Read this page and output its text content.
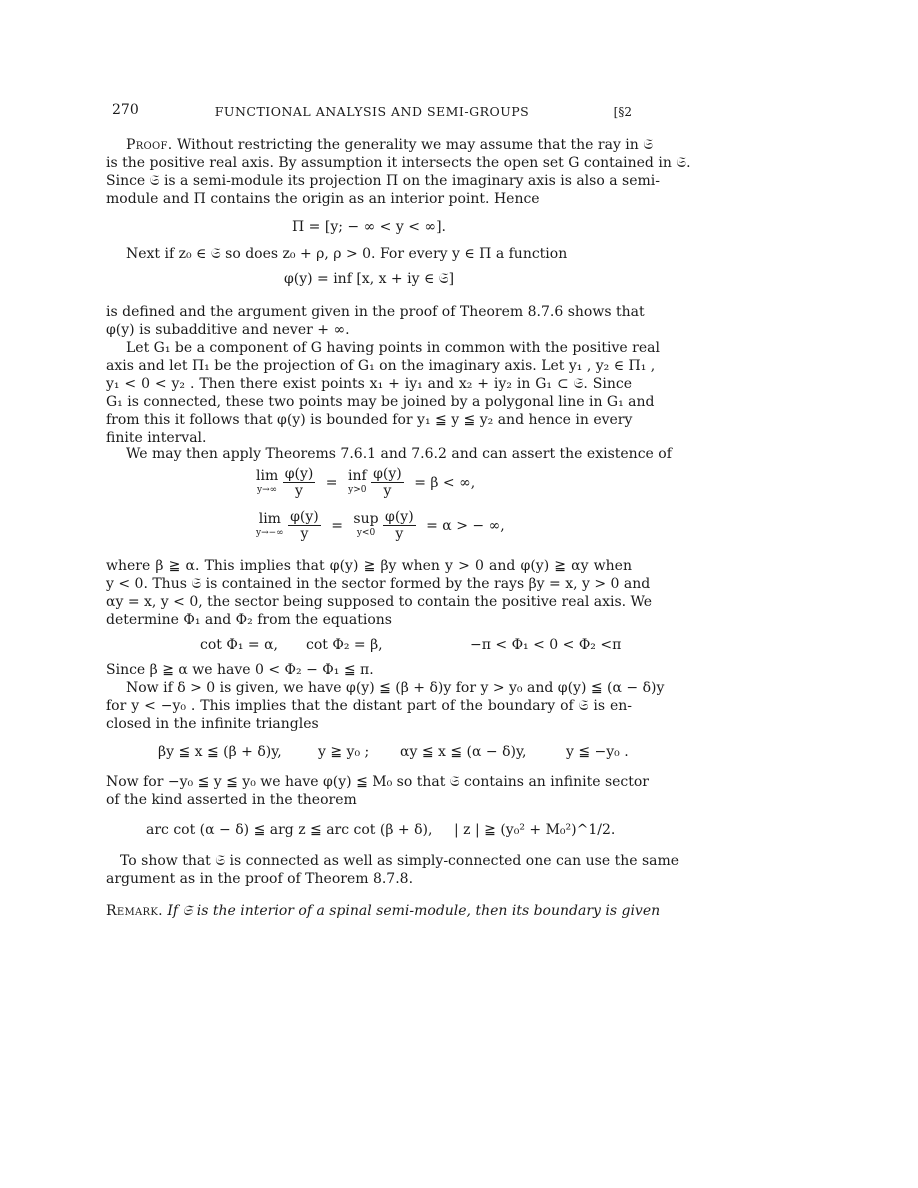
270	FUNCTIONAL ANALYSIS AND SEMI-GROUPS	[§2
Proof. Without restricting the generality we may assume that the ray in 𝔖
is the positive real axis. By assumption it intersects the open set G contained in 𝔖.
Since 𝔖 is a semi-module its projection Π on the imaginary axis is also a semi-
module and Π contains the origin as an interior point. Hence
Π = [y; − ∞ < y < ∞].
Next if z₀ ∈ 𝔖 so does z₀ + ρ, ρ > 0. For every y ∈ Π a function
φ(y) = inf [x, x + iy ∈ 𝔖]
is defined and the argument given in the proof of Theorem 8.7.6 shows that
φ(y) is subadditive and never + ∞.
Let G₁ be a component of G having points in common with the positive real
axis and let Π₁ be the projection of G₁ on the imaginary axis. Let y₁ , y₂ ∈ Π₁ ,
y₁ < 0 < y₂ . Then there exist points x₁ + iy₁ and x₂ + iy₂ in G₁ ⊂ 𝔖. Since
G₁ is connected, these two points may be joined by a polygonal line in G₁ and
from this it follows that φ(y) is bounded for y₁ ≦ y ≦ y₂ and hence in every
finite interval.
We may then apply Theorems 7.6.1 and 7.6.2 and can assert the existence of
lim
y→∞
$\frac{\varphi(y)}{y}$ = inf
y>0
$\frac{\varphi(y)}{y} = \beta$ < ∞,
lim
y→−∞
$\frac{\varphi(y)}{y}$ = sup
y<0
$\frac{\varphi(y)}{y} = \alpha$ > − ∞,
where β ≧ α. This implies that φ(y) ≧ βy when y > 0 and φ(y) ≧ αy when
y < 0. Thus 𝔖 is contained in the sector formed by the rays βy = x, y > 0 and
αy = x, y < 0, the sector being supposed to contain the positive real axis. We
determine Φ₁ and Φ₂ from the equations
cot Φ₁ = α,	cot Φ₂ = β,	−π < Φ₁ < 0 < Φ₂ <π
Since β ≧ α we have 0 < Φ₂ − Φ₁ ≦ π.
Now if δ > 0 is given, we have φ(y) ≦ (β + δ)y for y > y₀ and φ(y) ≦ (α − δ)y
for y < −y₀ . This implies that the distant part of the boundary of 𝔖 is en-
closed in the infinite triangles
βy ≦ x ≦ (β + δ)y,	y ≧ y₀ ;	αy ≦ x ≦ (α − δ)y,	y ≦ −y₀ .
Now for −y₀ ≦ y ≦ y₀ we have φ(y) ≦ M₀ so that 𝔖 contains an infinite sector
of the kind asserted in the theorem
arc cot (α − δ) ≦ arg z ≦ arc cot (β + δ),	| z | ≧ (y₀² + M₀²)^1/2.
To show that 𝔖 is connected as well as simply-connected one can use the same
argument as in the proof of Theorem 8.7.8.
Remark. If 𝔖 is the interior of a spinal semi-module, then its boundary is given
